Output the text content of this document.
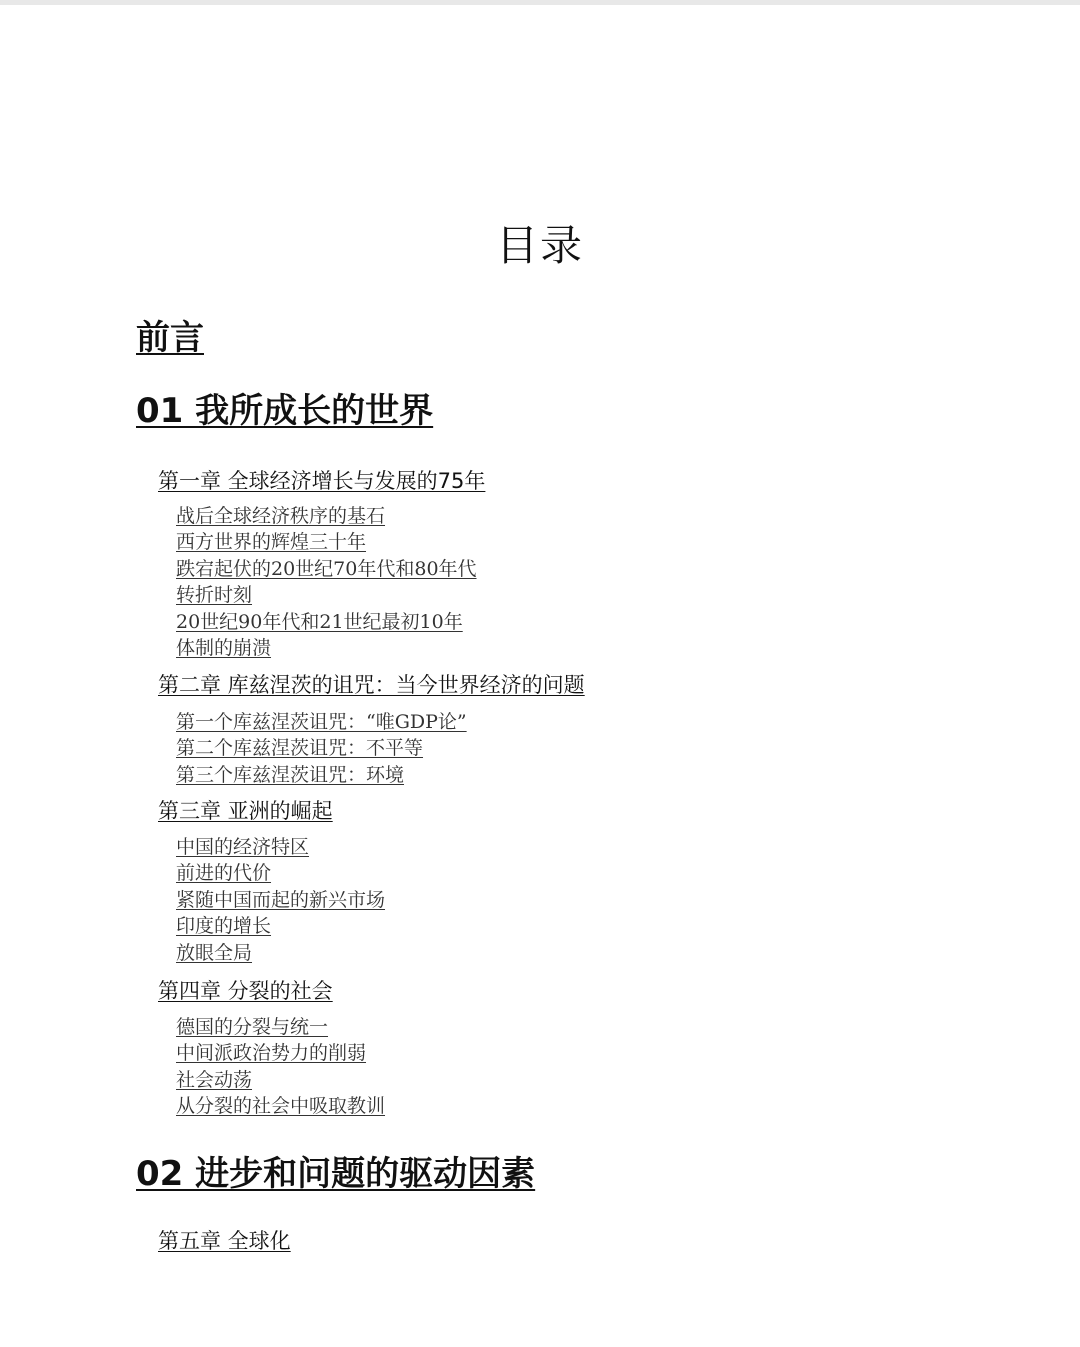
目录
前言
01 我所成长的世界
第一章 全球经济增长与发展的75年
战后全球经济秩序的基石
西方世界的辉煌三十年
跌宕起伏的20世纪70年代和80年代
转折时刻
20世纪90年代和21世纪最初10年
体制的崩溃
第二章 库兹涅茨的诅咒：当今世界经济的问题
第一个库兹涅茨诅咒：“唯GDP论”
第二个库兹涅茨诅咒：不平等
第三个库兹涅茨诅咒：环境
第三章 亚洲的崛起
中国的经济特区
前进的代价
紧随中国而起的新兴市场
印度的增长
放眼全局
第四章 分裂的社会
德国的分裂与统一
中间派政治势力的削弱
社会动荡
从分裂的社会中吸取教训
02 进步和问题的驱动因素
第五章 全球化
